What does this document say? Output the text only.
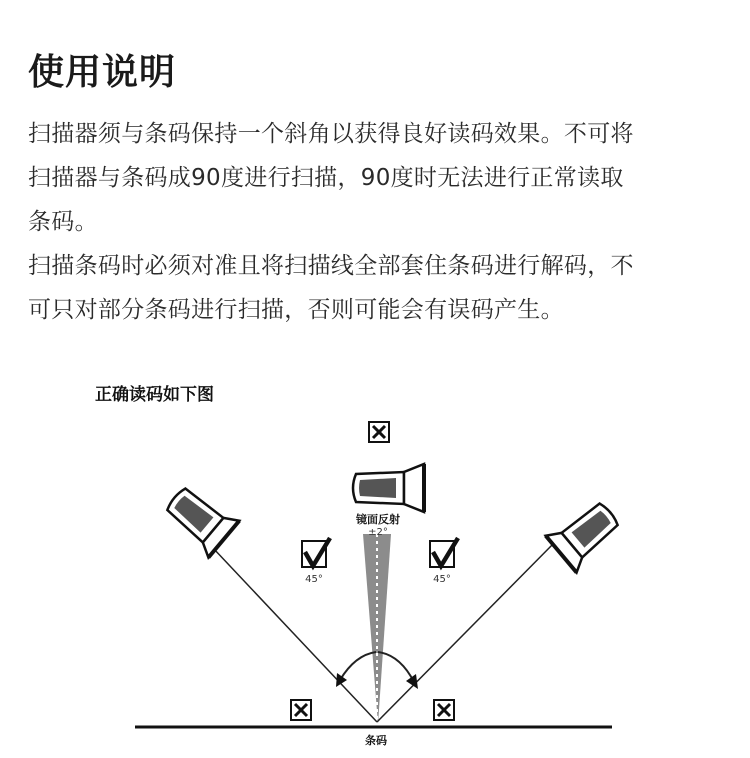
使用说明
扫描器须与条码保持一个斜角以获得良好读码效果。不可将
扫描器与条码成90度进行扫描，90度时无法进行正常读取
条码。
扫描条码时必须对准且将扫描线全部套住条码进行解码，不
可只对部分条码进行扫描，否则可能会有误码产生。
正确读码如下图
镜面反射
±2°
45°	45°
条码
